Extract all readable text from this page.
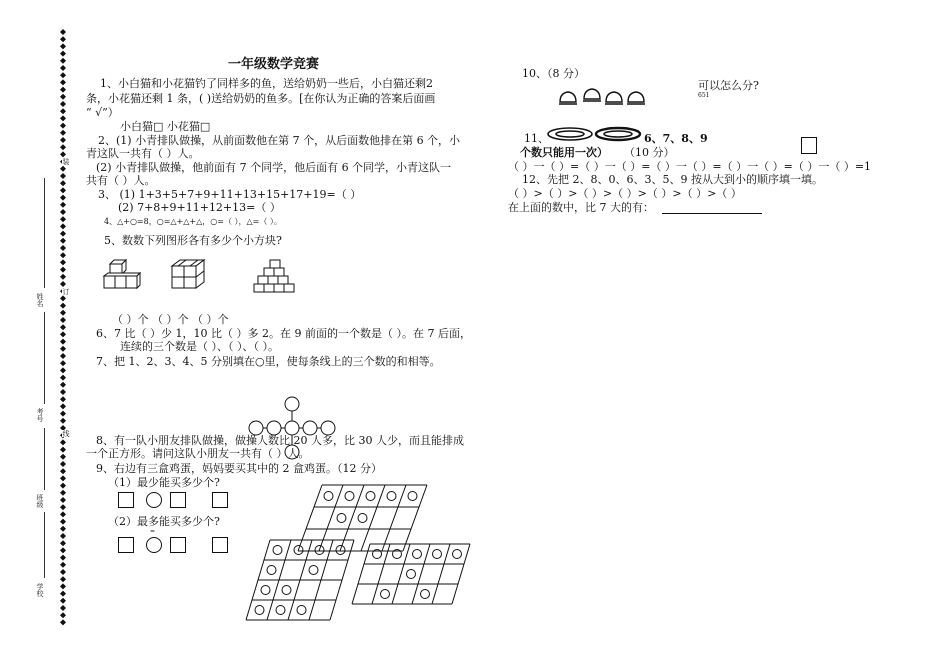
姓名
考号
班级
学校
装
订
线
一年级数学竞赛
1、小白猫和小花猫钓了同样多的鱼，送给奶奶一些后，小白猫还剩2
条，小花猫还剩 1 条，( )送给奶奶的鱼多。[在你认为正确的答案后面画
“ √”）
小白猫□ 小花猫□
2、(1) 小青排队做操，从前面数他在第 7 个，从后面数他排在第 6 个，小
青这队一共有（ ）人。
(2) 小青排队做操，他前面有 7 个同学，他后面有 6 个同学，小青这队一
共有（ ）人。
3、 (1) 1+3+5+7+9+11+13+15+17+19=（ ）
(2) 7+8+9+11+12+13=（ ）
4、△+○=8，○=△+△+△，○=（ ），△=（ ）。
5、数数下列图形各有多少个小方块?
（ ）个 （ ）个 （ ）个
6、7 比（ ）少 1，10 比（ ）多 2。在 9 前面的一个数是（ ）。在 7 后面，
连续的三个数是（ ）、（ ）、（ ）。
7、把 1、2、3、4、5 分别填在○里，使每条线上的三个数的和相等。
8、有一队小朋友排队做操，做操人数比 20 人多，比 30 人少，而且能排成
一个正方形。请问这队小朋友一共有（ ）人。
9、右边有三盒鸡蛋，妈妈要买其中的 2 盒鸡蛋。（12 分）
（1）最少能买多少个?
（2）最多能买多少个?
=
10、（8 分）
可以怎么分?
651
11、	6、7、8、9
个数只能用一次） （10 分）
（ ）一（ ）=（ ）一（ ）=（ ）一（ ）=（ ）一（ ）=（ ）一（ ）=1
12、先把 2、8、0、6、3、5、9 按从大到小的顺序填一填。
（ ）>（ ）>（ ）>（ ）>（ ）>（ ）>（ ）
在上面的数中，比 7 大的有：
